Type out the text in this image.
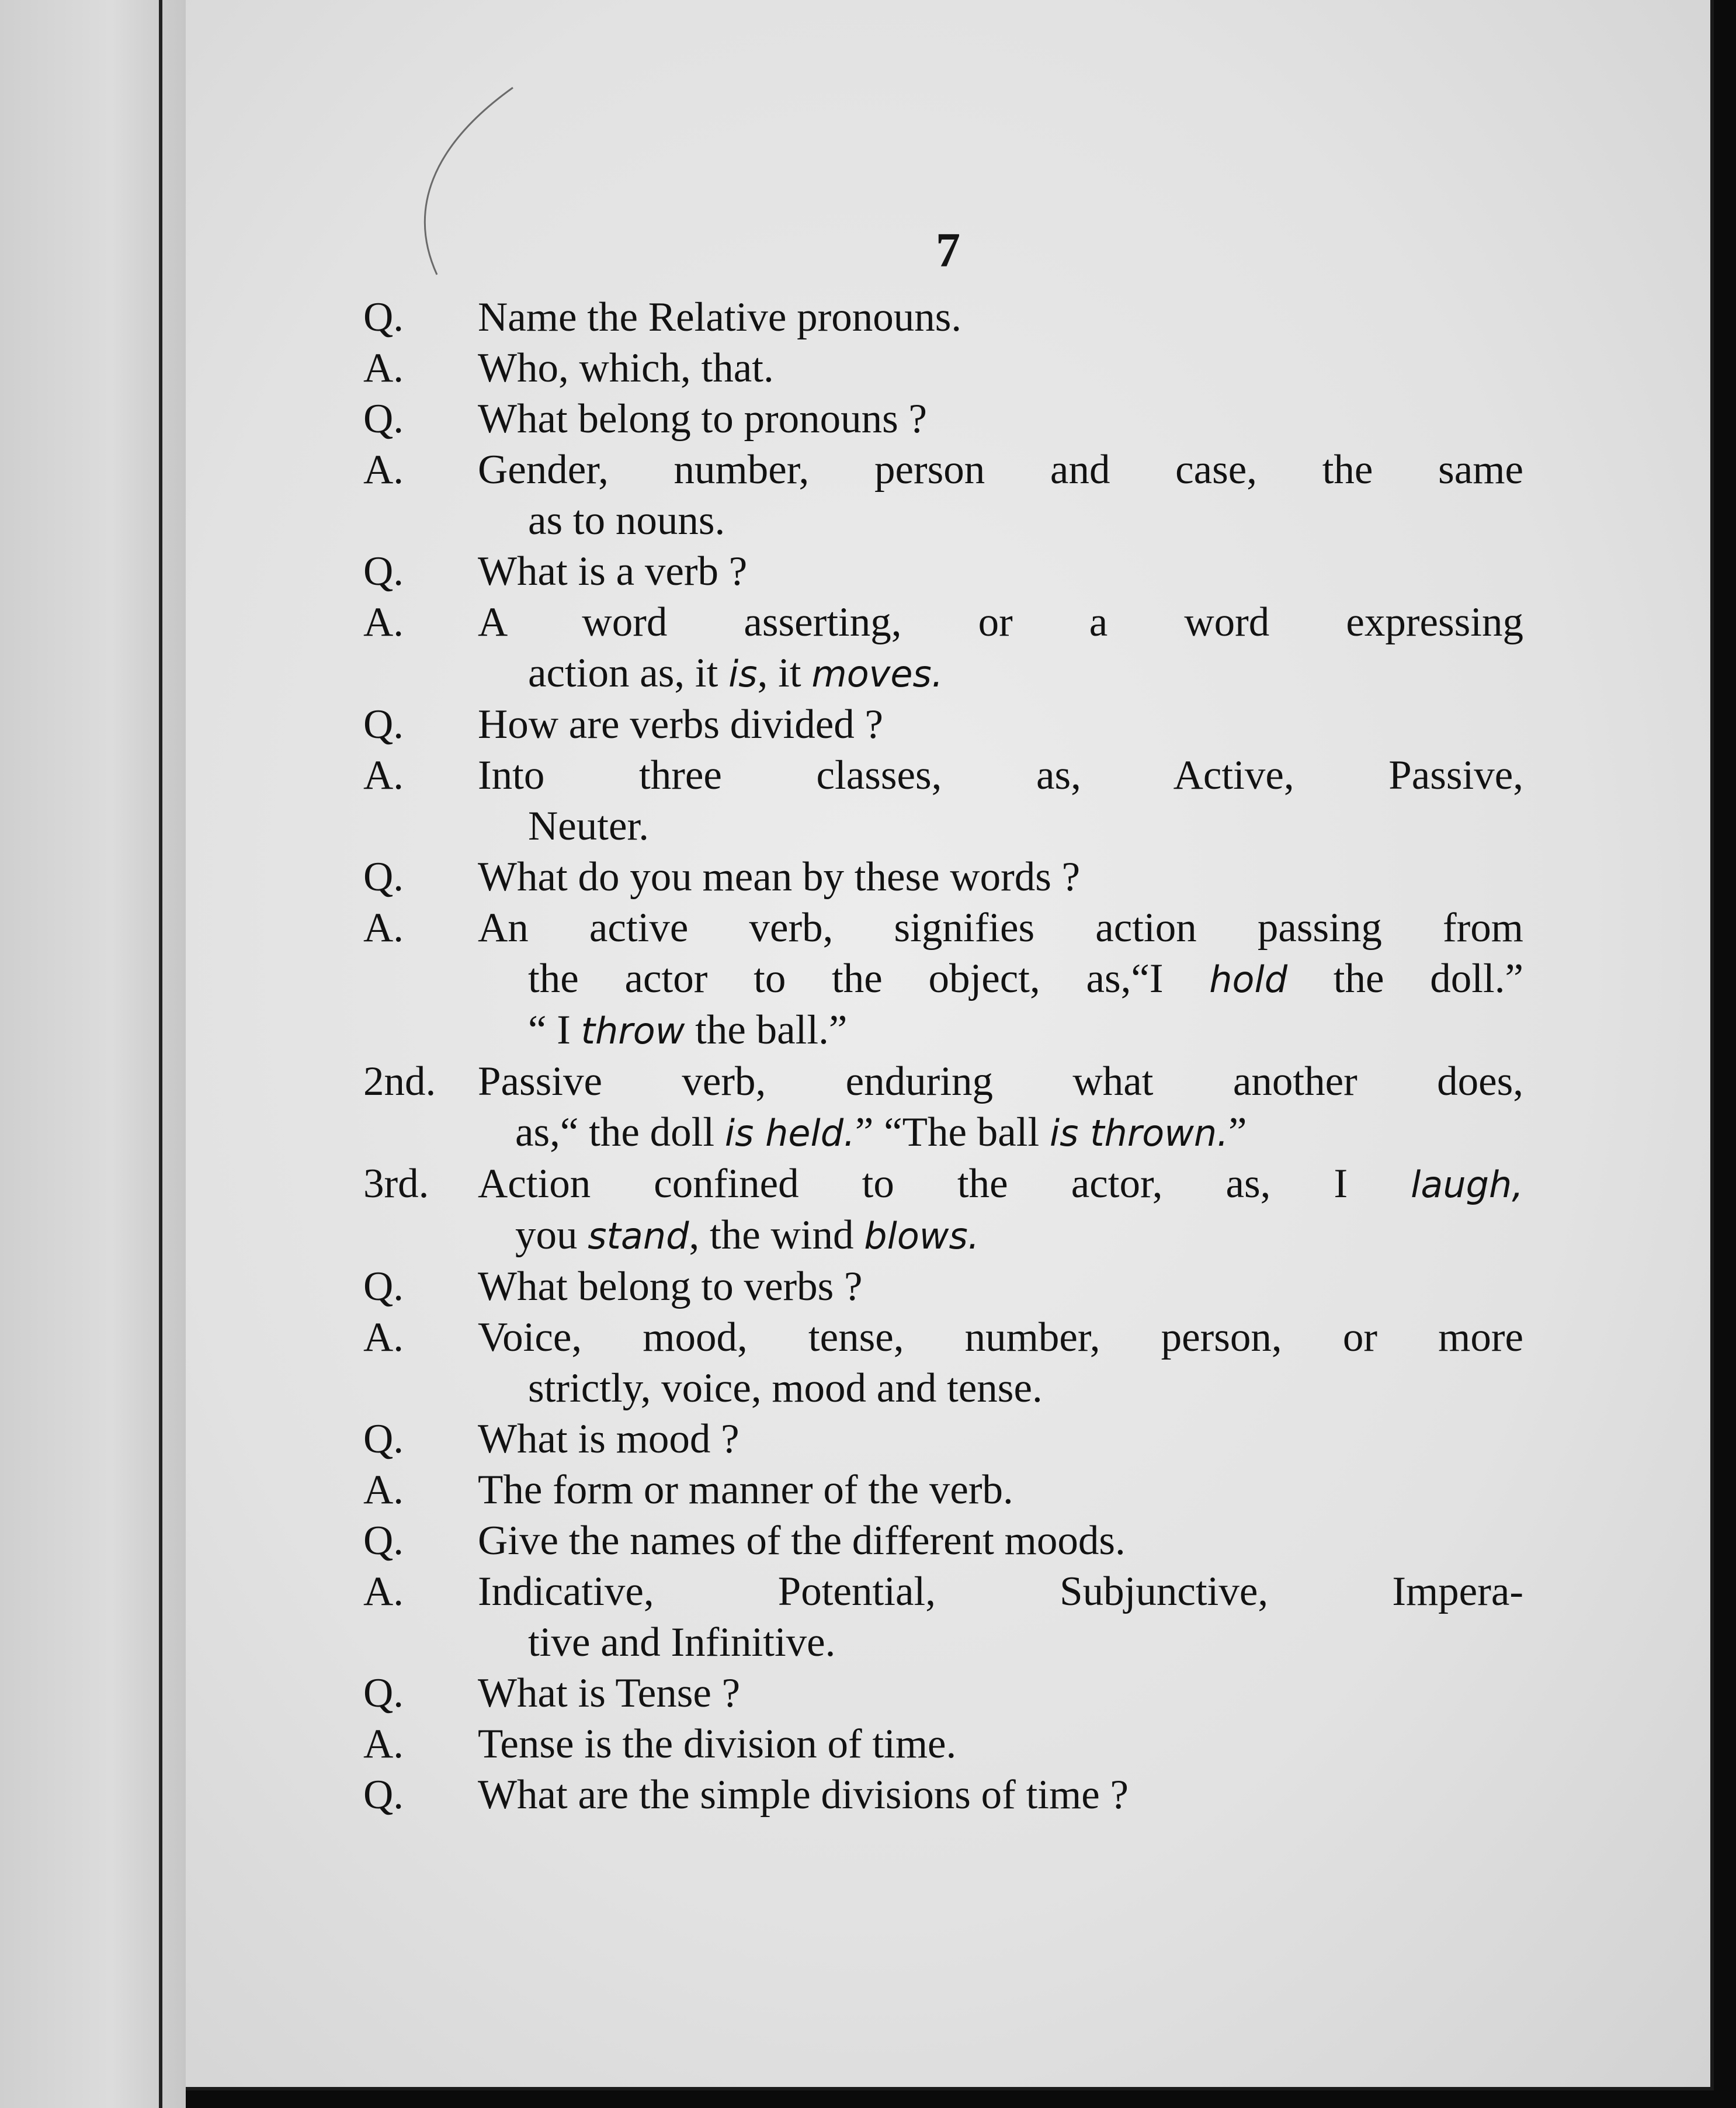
7
Q.	Name the Relative pronouns.
A.	Who, which, that.
Q.	What belong to pronouns ?
A.	Gender, number, person and case, the same
as to nouns.
Q.	What is a verb ?
A.	A word asserting, or a word expressing
action as, it is, it moves.
Q.	How are verbs divided ?
A.	Into three classes, as, Active, Passive,
Neuter.
Q.	What do you mean by these words ?
A.	An active verb, signifies action passing from
the actor to the object, as,“I hold the doll.”
“ I throw the ball.”
2nd.	Passive verb, enduring what another does,
as,“ the doll is held.” “The ball is thrown.”
3rd.	Action confined to the actor, as, I laugh,
you stand, the wind blows.
Q.	What belong to verbs ?
A.	Voice, mood, tense, number, person, or more
strictly, voice, mood and tense.
Q.	What is mood ?
A.	The form or manner of the verb.
Q.	Give the names of the different moods.
A.	Indicative, Potential, Subjunctive, Impera-
tive and Infinitive.
Q.	What is Tense ?
A.	Tense is the division of time.
Q.	What are the simple divisions of time ?
